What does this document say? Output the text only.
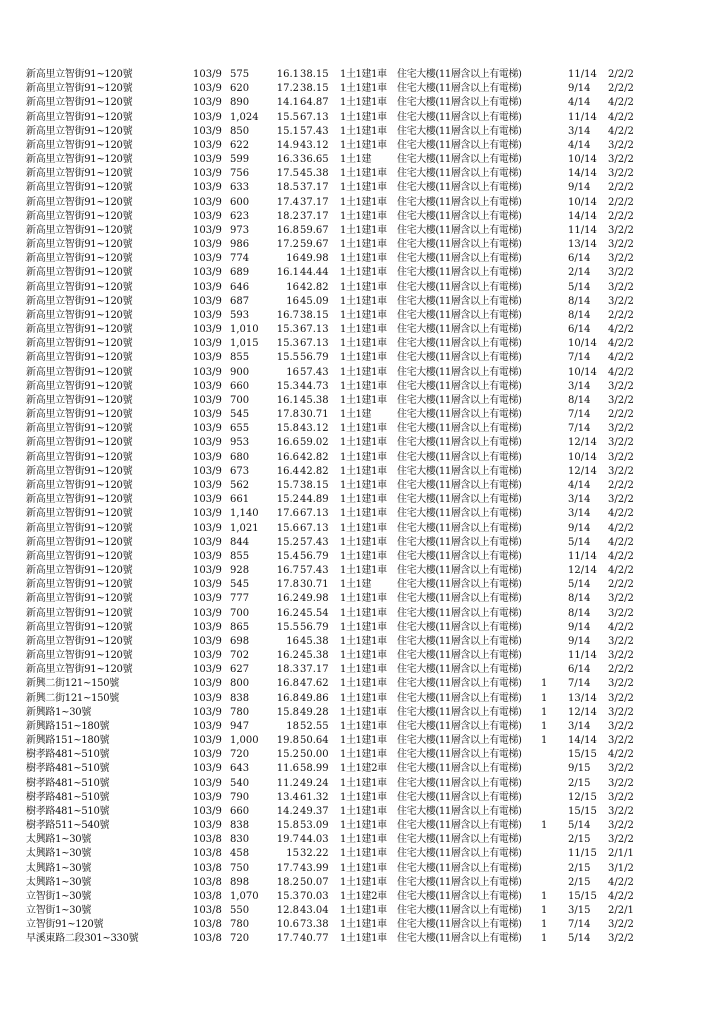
新高里立智街91~120號	103/9 575	16.1 38.15 1土1建1車 住宅大樓(11層含以上有電梯)	11/14 2/2/2
新高里立智街91~120號	103/9 620	17.2 38.15 1土1建1車 住宅大樓(11層含以上有電梯)	9/14 2/2/2
新高里立智街91~120號	103/9 890	14.1 64.87 1土1建1車 住宅大樓(11層含以上有電梯)	4/14 4/2/2
新高里立智街91~120號	103/9 1,024	15.5 67.13 1土1建1車 住宅大樓(11層含以上有電梯)	11/14 4/2/2
新高里立智街91~120號	103/9 850	15.1 57.43 1土1建1車 住宅大樓(11層含以上有電梯)	3/14 4/2/2
新高里立智街91~120號	103/9 622	14.9 43.12 1土1建1車 住宅大樓(11層含以上有電梯)	4/14 3/2/2
新高里立智街91~120號	103/9 599	16.3 36.65 1土1建	住宅大樓(11層含以上有電梯)	10/14 3/2/2
新高里立智街91~120號	103/9 756	17.5 45.38 1土1建1車 住宅大樓(11層含以上有電梯)	14/14 3/2/2
新高里立智街91~120號	103/9 633	18.5 37.17 1土1建1車 住宅大樓(11層含以上有電梯)	9/14 2/2/2
新高里立智街91~120號	103/9 600	17.4 37.17 1土1建1車 住宅大樓(11層含以上有電梯)	10/14 2/2/2
新高里立智街91~120號	103/9 623	18.2 37.17 1土1建1車 住宅大樓(11層含以上有電梯)	14/14 2/2/2
新高里立智街91~120號	103/9 973	16.8 59.67 1土1建1車 住宅大樓(11層含以上有電梯)	11/14 3/2/2
新高里立智街91~120號	103/9 986	17.2 59.67 1土1建1車 住宅大樓(11層含以上有電梯)	13/14 3/2/2
新高里立智街91~120號	103/9 774	16 49.98 1土1建1車 住宅大樓(11層含以上有電梯)	6/14 3/2/2
新高里立智街91~120號	103/9 689	16.1 44.44 1土1建1車 住宅大樓(11層含以上有電梯)	2/14 3/2/2
新高里立智街91~120號	103/9 646	16 42.82 1土1建1車 住宅大樓(11層含以上有電梯)	5/14 3/2/2
新高里立智街91~120號	103/9 687	16 45.09 1土1建1車 住宅大樓(11層含以上有電梯)	8/14 3/2/2
新高里立智街91~120號	103/9 593	16.7 38.15 1土1建1車 住宅大樓(11層含以上有電梯)	8/14 2/2/2
新高里立智街91~120號	103/9 1,010	15.3 67.13 1土1建1車 住宅大樓(11層含以上有電梯)	6/14 4/2/2
新高里立智街91~120號	103/9 1,015	15.3 67.13 1土1建1車 住宅大樓(11層含以上有電梯)	10/14 4/2/2
新高里立智街91~120號	103/9 855	15.5 56.79 1土1建1車 住宅大樓(11層含以上有電梯)	7/14 4/2/2
新高里立智街91~120號	103/9 900	16 57.43 1土1建1車 住宅大樓(11層含以上有電梯)	10/14 4/2/2
新高里立智街91~120號	103/9 660	15.3 44.73 1土1建1車 住宅大樓(11層含以上有電梯)	3/14 3/2/2
新高里立智街91~120號	103/9 700	16.1 45.38 1土1建1車 住宅大樓(11層含以上有電梯)	8/14 3/2/2
新高里立智街91~120號	103/9 545	17.8 30.71 1土1建	住宅大樓(11層含以上有電梯)	7/14 2/2/2
新高里立智街91~120號	103/9 655	15.8 43.12 1土1建1車 住宅大樓(11層含以上有電梯)	7/14 3/2/2
新高里立智街91~120號	103/9 953	16.6 59.02 1土1建1車 住宅大樓(11層含以上有電梯)	12/14 3/2/2
新高里立智街91~120號	103/9 680	16.6 42.82 1土1建1車 住宅大樓(11層含以上有電梯)	10/14 3/2/2
新高里立智街91~120號	103/9 673	16.4 42.82 1土1建1車 住宅大樓(11層含以上有電梯)	12/14 3/2/2
新高里立智街91~120號	103/9 562	15.7 38.15 1土1建1車 住宅大樓(11層含以上有電梯)	4/14 2/2/2
新高里立智街91~120號	103/9 661	15.2 44.89 1土1建1車 住宅大樓(11層含以上有電梯)	3/14 3/2/2
新高里立智街91~120號	103/9 1,140	17.6 67.13 1土1建1車 住宅大樓(11層含以上有電梯)	3/14 4/2/2
新高里立智街91~120號	103/9 1,021	15.6 67.13 1土1建1車 住宅大樓(11層含以上有電梯)	9/14 4/2/2
新高里立智街91~120號	103/9 844	15.2 57.43 1土1建1車 住宅大樓(11層含以上有電梯)	5/14 4/2/2
新高里立智街91~120號	103/9 855	15.4 56.79 1土1建1車 住宅大樓(11層含以上有電梯)	11/14 4/2/2
新高里立智街91~120號	103/9 928	16.7 57.43 1土1建1車 住宅大樓(11層含以上有電梯)	12/14 4/2/2
新高里立智街91~120號	103/9 545	17.8 30.71 1土1建	住宅大樓(11層含以上有電梯)	5/14 2/2/2
新高里立智街91~120號	103/9 777	16.2 49.98 1土1建1車 住宅大樓(11層含以上有電梯)	8/14 3/2/2
新高里立智街91~120號	103/9 700	16.2 45.54 1土1建1車 住宅大樓(11層含以上有電梯)	8/14 3/2/2
新高里立智街91~120號	103/9 865	15.5 56.79 1土1建1車 住宅大樓(11層含以上有電梯)	9/14 4/2/2
新高里立智街91~120號	103/9 698	16 45.38 1土1建1車 住宅大樓(11層含以上有電梯)	9/14 3/2/2
新高里立智街91~120號	103/9 702	16.2 45.38 1土1建1車 住宅大樓(11層含以上有電梯)	11/14 3/2/2
新高里立智街91~120號	103/9 627	18.3 37.17 1土1建1車 住宅大樓(11層含以上有電梯)	6/14 2/2/2
新興二街121~150號	103/9 800	16.8 47.62 1土1建1車 住宅大樓(11層含以上有電梯) 1 7/14 3/2/2
新興二街121~150號	103/9 838	16.8 49.86 1土1建1車 住宅大樓(11層含以上有電梯) 1 13/14 3/2/2
新興路1~30號	103/9 780	15.8 49.28 1土1建1車 住宅大樓(11層含以上有電梯) 1 12/14 3/2/2
新興路151~180號	103/9 947	18 52.55 1土1建1車 住宅大樓(11層含以上有電梯) 1 3/14 3/2/2
新興路151~180號	103/9 1,000	19.8 50.64 1土1建1車 住宅大樓(11層含以上有電梯) 1 14/14 3/2/2
樹孝路481~510號	103/9 720	15.2 50.00 1土1建1車 住宅大樓(11層含以上有電梯)	15/15 4/2/2
樹孝路481~510號	103/9 643	11.6 58.99 1土1建2車 住宅大樓(11層含以上有電梯)	9/15 3/2/2
樹孝路481~510號	103/9 540	11.2 49.24 1土1建1車 住宅大樓(11層含以上有電梯)	2/15 3/2/2
樹孝路481~510號	103/9 790	13.4 61.32 1土1建1車 住宅大樓(11層含以上有電梯)	12/15 3/2/2
樹孝路481~510號	103/9 660	14.2 49.37 1土1建1車 住宅大樓(11層含以上有電梯)	15/15 3/2/2
樹孝路511~540號	103/9 838	15.8 53.09 1土1建1車 住宅大樓(11層含以上有電梯) 1 5/14 3/2/2
太興路1~30號	103/8 830	19.7 44.03 1土1建1車 住宅大樓(11層含以上有電梯)	2/15 3/2/2
太興路1~30號	103/8 458	15 32.22 1土1建1車 住宅大樓(11層含以上有電梯)	11/15 2/1/1
太興路1~30號	103/8 750	17.7 43.99 1土1建1車 住宅大樓(11層含以上有電梯)	2/15 3/1/2
太興路1~30號	103/8 898	18.2 50.07 1土1建1車 住宅大樓(11層含以上有電梯)	2/15 4/2/2
立智街1~30號	103/8 1,070	15.3 70.03 1土1建2車 住宅大樓(11層含以上有電梯) 1 15/15 4/2/2
立智街1~30號	103/8 550	12.8 43.04 1土1建1車 住宅大樓(11層含以上有電梯) 1 3/15 2/2/1
立智街91~120號	103/8 780	10.6 73.38 1土1建1車 住宅大樓(11層含以上有電梯) 1 7/14 3/2/2
早溪東路二段301~330號	103/8 720	17.7 40.77 1土1建1車 住宅大樓(11層含以上有電梯) 1 5/14 3/2/2
